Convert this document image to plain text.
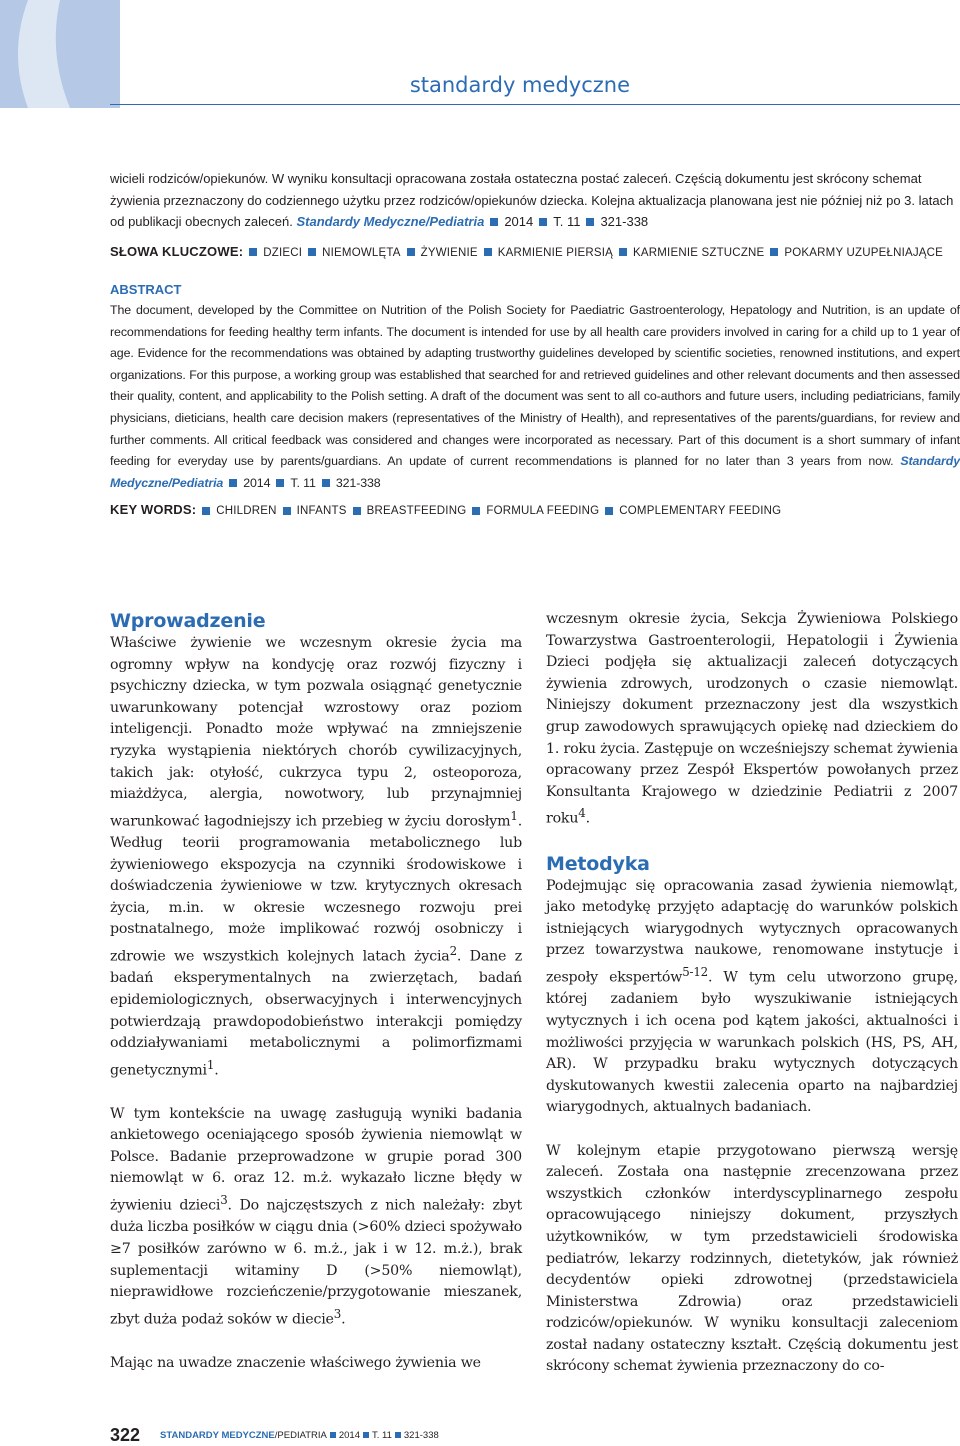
standardy medyczne
wicieli rodziców/opiekunów. W wyniku konsultacji opracowana została ostateczna postać zaleceń. Częścią dokumentu jest skrócony schemat żywienia przeznaczony do codziennego użytku przez rodziców/opiekunów dziecka. Kolejna aktualizacja planowana jest nie później niż po 3. latach od publikacji obecnych zaleceń. Standardy Medyczne/Pediatria 2014 T. 11 321-338
SŁOWA KLUCZOWE: DZIECI NIEMOWLĘTA ŻYWIENIE KARMIENIE PIERSIĄ KARMIENIE SZTUCZNE POKARMY UZUPEŁNIAJĄCE
ABSTRACT
The document, developed by the Committee on Nutrition of the Polish Society for Paediatric Gastroenterology, Hepatology and Nutrition, is an update of recommendations for feeding healthy term infants. The document is intended for use by all health care providers involved in caring for a child up to 1 year of age. Evidence for the recommendations was obtained by adapting trustworthy guidelines developed by scientific societies, renowned institutions, and expert organizations. For this purpose, a working group was established that searched for and retrieved guidelines and other relevant documents and then assessed their quality, content, and applicability to the Polish setting. A draft of the document was sent to all co-authors and future users, including pediatricians, family physicians, dieticians, health care decision makers (representatives of the Ministry of Health), and representatives of the parents/guardians, for review and further comments. All critical feedback was considered and changes were incorporated as necessary. Part of this document is a short summary of infant feeding for everyday use by parents/guardians. An update of current recommendations is planned for no later than 3 years from now. Standardy Medyczne/Pediatria 2014 T. 11 321-338
KEY WORDS: CHILDREN INFANTS BREASTFEEDING FORMULA FEEDING COMPLEMENTARY FEEDING
Wprowadzenie

Właściwe żywienie we wczesnym okresie życia ma ogromny wpływ na kondycję oraz rozwój fizyczny i psychiczny dziecka, w tym pozwala osiągnąć genetycznie uwarunkowany potencjał wzrostowy oraz poziom inteligencji. Ponadto może wpływać na zmniejszenie ryzyka wystąpienia niektórych chorób cywilizacyjnych, takich jak: otyłość, cukrzyca typu 2, osteoporoza, miażdżyca, alergia, nowotwory, lub przynajmniej warunkować łagodniejszy ich przebieg w życiu dorosłym$^1$. Według teorii programowania metabolicznego lub żywieniowego ekspozycja na czynniki środowiskowe i doświadczenia żywieniowe w tzw. krytycznych okresach życia, m.in. w okresie wczesnego rozwoju prei postnatalnego, może implikować rozwój osobniczy i zdrowie we wszystkich kolejnych latach życia$^2$. Dane z badań eksperymentalnych na zwierzętach, badań epidemiologicznych, obserwacyjnych i interwencyjnych potwierdzają prawdopodobieństwo interakcji pomiędzy oddziaływaniami metabolicznymi a polimorfizmami genetycznymi$^1$.

W tym kontekście na uwagę zasługują wyniki badania ankietowego oceniającego sposób żywienia niemowląt w Polsce. Badanie przeprowadzone w grupie porad 300 niemowląt w 6. oraz 12. m.ż. wykazało liczne błędy w żywieniu dzieci$^3$. Do najczęstszych z nich należały: zbyt duża liczba posiłków w ciągu dnia (>60% dzieci spożywało ≥7 posiłków zarówno w 6. m.ż., jak i w 12. m.ż.), brak suplementacji witaminy D (>50% niemowląt), nieprawidłowe rozcieńczenie/przygotowanie mieszanek, zbyt duża podaż soków w diecie$^3$.

Mając na uwadze znaczenie właściwego żywienia we

wczesnym okresie życia, Sekcja Żywieniowa Polskiego Towarzystwa Gastroenterologii, Hepatologii i Żywienia Dzieci podjęła się aktualizacji zaleceń dotyczących żywienia zdrowych, urodzonych o czasie niemowląt. Niniejszy dokument przeznaczony jest dla wszystkich grup zawodowych sprawujących opiekę nad dzieckiem do 1. roku życia. Zastępuje on wcześniejszy schemat żywienia opracowany przez Zespół Ekspertów powołanych przez Konsultanta Krajowego w dziedzinie Pediatrii z 2007 roku$^4$.

Metodyka

Podejmując się opracowania zasad żywienia niemowląt, jako metodykę przyjęto adaptację do warunków polskich istniejących wiarygodnych wytycznych opracowanych przez towarzystwa naukowe, renomowane instytucje i zespoły ekspertów$^{5-12}$. W tym celu utworzono grupę, której zadaniem było wyszukiwanie istniejących wytycznych i ich ocena pod kątem jakości, aktualności i możliwości przyjęcia w warunkach polskich (HS, PS, AH, AR). W przypadku braku wytycznych dotyczących dyskutowanych kwestii zalecenia oparto na najbardziej wiarygodnych, aktualnych badaniach.

W kolejnym etapie przygotowano pierwszą wersję zaleceń. Została ona następnie zrecenzowana przez wszystkich członków interdyscyplinarnego zespołu opracowującego niniejszy dokument, przyszłych użytkowników, w tym przedstawicieli środowiska pediatrów, lekarzy rodzinnych, dietetyków, jak również decydentów opieki zdrowotnej (przedstawiciela Ministerstwa Zdrowia) oraz przedstawicieli rodziców/opiekunów. W wyniku konsultacji zaleceniom został nadany ostateczny kształt. Częścią dokumentu jest skrócony schemat żywienia przeznaczony do co-

322 STANDARDY MEDYCZNE/PEDIATRIA 2014 T. 11 321-338
